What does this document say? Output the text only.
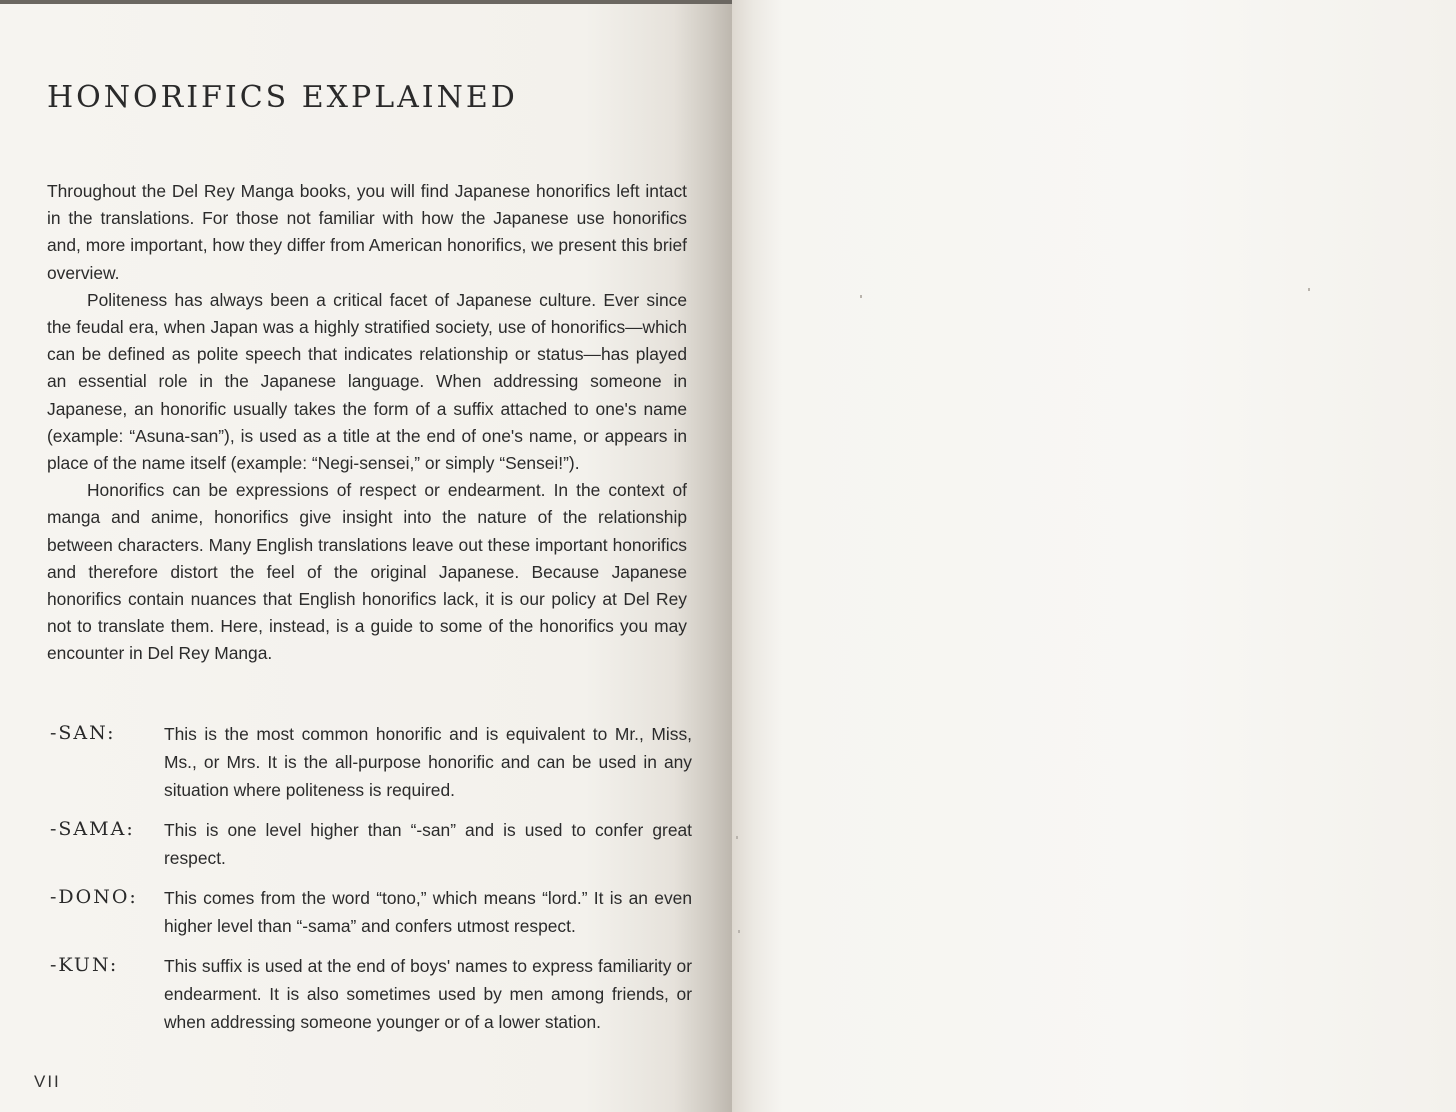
HONORIFICS EXPLAINED

Throughout the Del Rey Manga books, you will find Japanese honorifics left intact in the translations. For those not familiar with how the Japanese use honorifics and, more important, how they differ from American honorifics, we present this brief overview.

Politeness has always been a critical facet of Japanese culture. Ever since the feudal era, when Japan was a highly stratified society, use of honorifics—which can be defined as polite speech that indicates relationship or status—has played an essential role in the Japanese language. When addressing someone in Japanese, an honorific usually takes the form of a suffix attached to one's name (example: “Asuna-san”), is used as a title at the end of one's name, or appears in place of the name itself (example: “Negi-sensei,” or simply “Sensei!”).

Honorifics can be expressions of respect or endearment. In the context of manga and anime, honorifics give insight into the nature of the relationship between characters. Many English translations leave out these important honorifics and therefore distort the feel of the original Japanese. Because Japanese honorifics contain nuances that English honorifics lack, it is our policy at Del Rey not to translate them. Here, instead, is a guide to some of the honorifics you may encounter in Del Rey Manga.

-SAN:	This is the most common honorific and is equivalent to Mr., Miss, Ms., or Mrs. It is the all-purpose honorific and can be used in any situation where politeness is required.
-SAMA:	This is one level higher than “-san” and is used to confer great respect.
-DONO:	This comes from the word “tono,” which means “lord.” It is an even higher level than “-sama” and confers utmost respect.
-KUN:	This suffix is used at the end of boys' names to express familiarity or endearment. It is also sometimes used by men among friends, or when addressing someone younger or of a lower station.
VII
